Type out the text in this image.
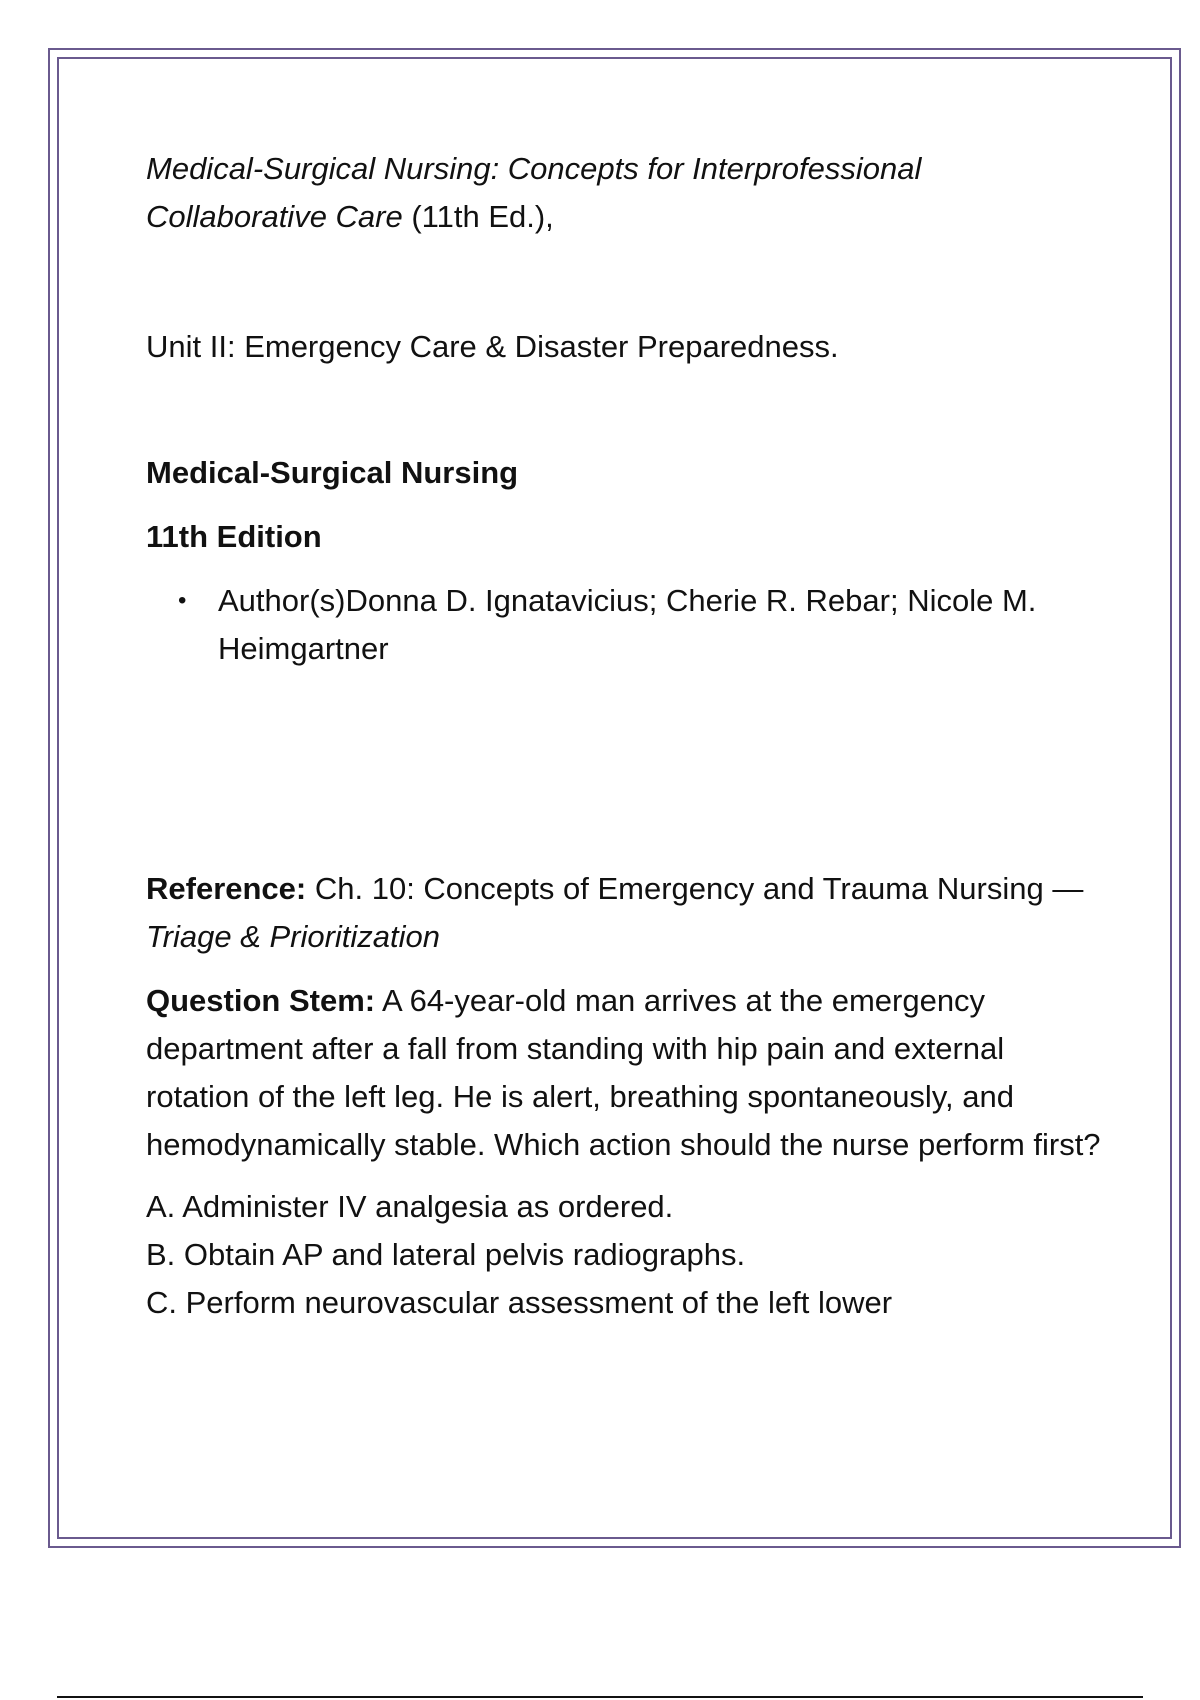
Medical-Surgical Nursing: Concepts for Interprofessional Collaborative Care (11th Ed.),

Unit II: Emergency Care & Disaster Preparedness.

Medical-Surgical Nursing

11th Edition

• Author(s)Donna D. Ignatavicius; Cherie R. Rebar; Nicole M. Heimgartner

Reference: Ch. 10: Concepts of Emergency and Trauma Nursing — Triage & Prioritization

Question Stem: A 64-year-old man arrives at the emergency department after a fall from standing with hip pain and external rotation of the left leg. He is alert, breathing spontaneously, and hemodynamically stable. Which action should the nurse perform first?

A. Administer IV analgesia as ordered.
B. Obtain AP and lateral pelvis radiographs.
C. Perform neurovascular assessment of the left lower
